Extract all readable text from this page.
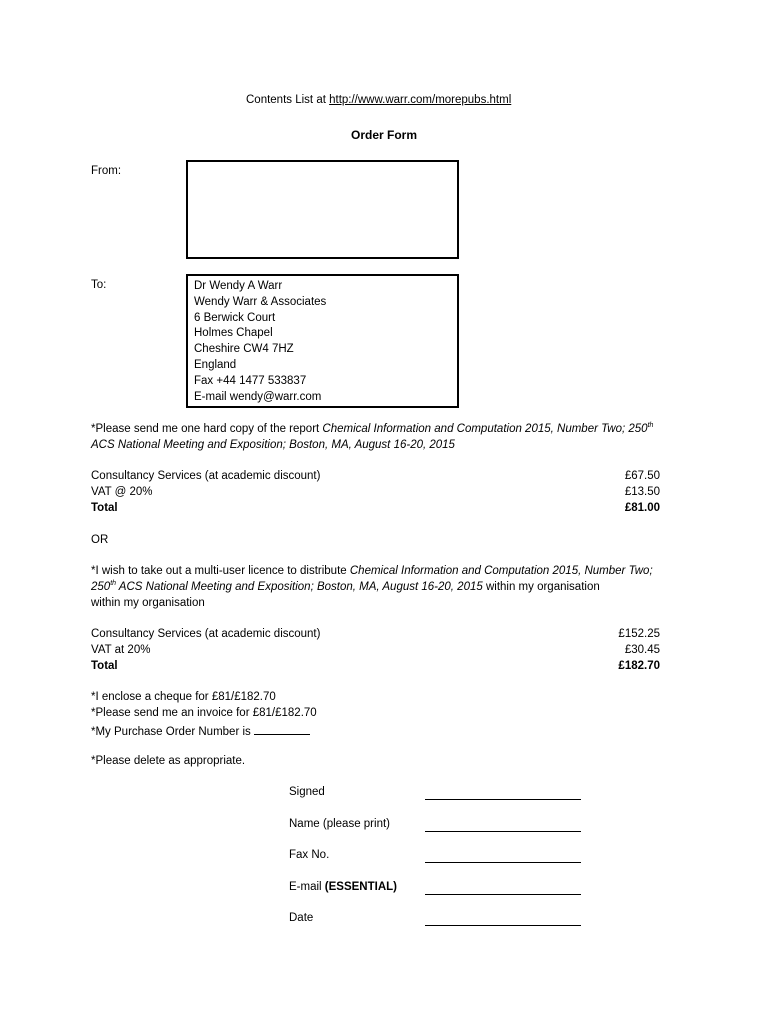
Contents List at http://www.warr.com/morepubs.html
Order Form
From:
To:	Dr Wendy A Warr
Wendy Warr & Associates
6 Berwick Court
Holmes Chapel
Cheshire CW4 7HZ
England
Fax +44 1477 533837
E-mail wendy@warr.com
*Please send me one hard copy of the report Chemical Information and Computation 2015, Number Two; 250th
ACS National Meeting and Exposition; Boston, MA, August 16-20, 2015
Consultancy Services (at academic discount)	£67.50
VAT @ 20%	£13.50
Total	£81.00
OR
*I wish to take out a multi-user licence to distribute Chemical Information and Computation 2015, Number Two;
250th ACS National Meeting and Exposition; Boston, MA, August 16-20, 2015 within my organisation
within my organisation
Consultancy Services (at academic discount)	£152.25
VAT at 20%	£30.45
Total	£182.70
*I enclose a cheque for £81/£182.70
*Please send me an invoice for £81/£182.70
*My Purchase Order Number is
*Please delete as appropriate.
Signed
Name (please print)
Fax No.
E-mail (ESSENTIAL)
Date
